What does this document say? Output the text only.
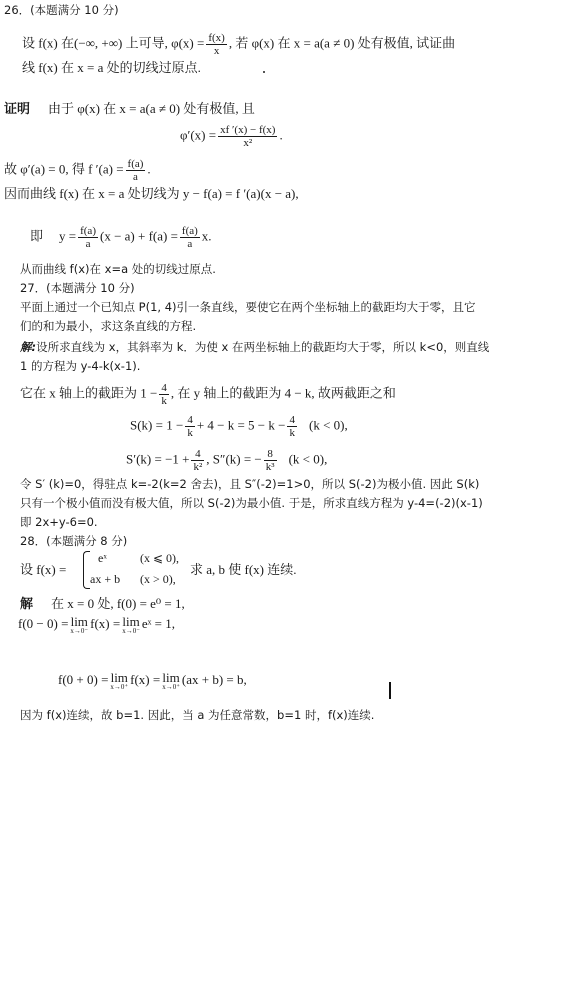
26．(本题满分 10 分)
设 f(x) 在(−∞, +∞) 上可导, $\varphi(x) = \frac{f(x)}{x}$ , 若 φ(x) 在 x = a(a ≠ 0) 处有极值, 试证曲
线 f(x) 在 x = a 处的切线过原点.
证明 由于 φ(x) 在 x = a(a ≠ 0) 处有极值, 且
$\varphi'(x) = \frac{xf '(x) - f(x)}{\text{x²}}$ .
故 φ′(a) = 0, 得 f $'(a) = \frac{f(a)}{a}$ .
因而曲线 f(x) 在 x = a 处切线为 y − f(a) = f ′(a)(x − a),
即 $y = \frac{f(a)}{a} (x - a) + f(a) = \frac{f(a)}{a} x$.
从而曲线 f(x)在 x=a 处的切线过原点.
27．(本题满分 10 分)
平面上通过一个已知点 P(1, 4)引一条直线，要使它在两个坐标轴上的截距均大于零，且它
们的和为最小，求这条直线的方程.
解:设所求直线为 x，其斜率为 k．为使 x 在两坐标轴上的截距均大于零，所以 k<0，则直线
1 的方程为 y-4-k(x-1).
它在 x 轴上的截距为 $1 - \frac{4}{k}$ , 在 y 轴上的截距为 4 − k, 故两截距之和
$S(k) = 1 - \frac{4}{k} + 4 - k = 5 - k - \frac{4}{k} (k < 0)$,
$S'(k) = -1 + \frac{4}{\text{k²}}$ , S″(k) = − $\frac{8}{\text{k³}} (k < 0)$,
令 S′ (k)=0，得驻点 k=-2(k=2 舍去)，且 S″(-2)=1>0，所以 S(-2)为极小值. 因此 S(k)
只有一个极小值而没有极大值，所以 S(-2)为最小值. 于是，所求直线方程为 y-4=(-2)(x-1)
即 2x+y-6=0.
28．(本题满分 8 分)
设 f(x) =
eˣ	(x ⩽ 0),
ax + b (x > 0),
求 a, b 使 f(x) 连续.
解 在 x = 0 处, f(0) = e⁰ = 1,
f(0 − 0) = lim
x→0⁻ f(x) = lim
x→0⁻ eˣ = 1,
f(0 + 0) = lim
x→0⁺ f(x) = lim
x→0⁺ (ax + b) = b,
因为 f(x)连续，故 b=1. 因此，当 a 为任意常数，b=1 时，f(x)连续.
